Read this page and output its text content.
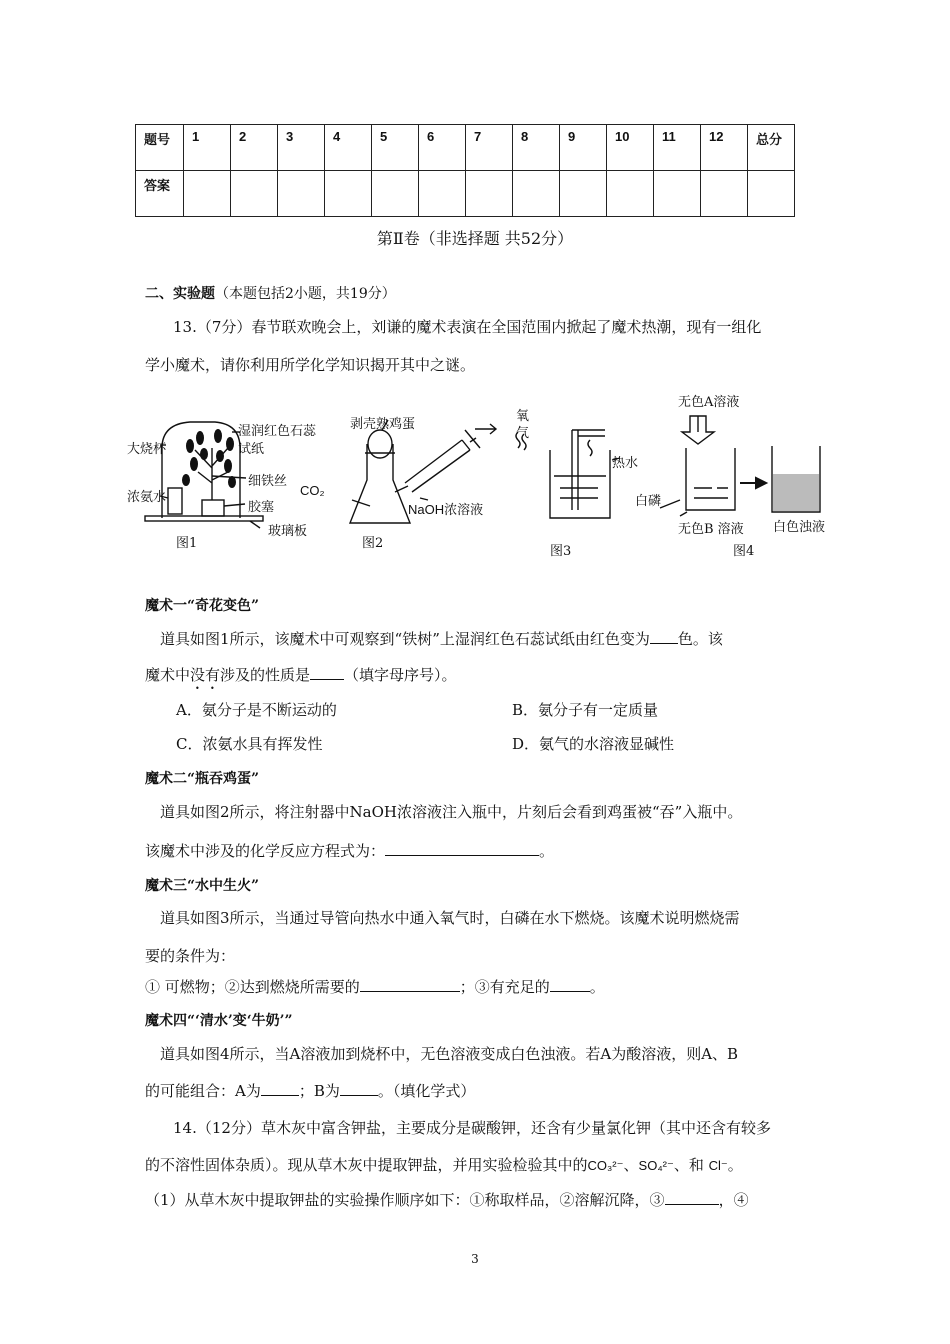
题号	1	2	3	4	5	6	7	8	9	10	11	12	总分
答案													
第Ⅱ卷（非选择题 共52分）
二、实验题（本题包括2小题，共19分）
13.（7分）春节联欢晚会上，刘谦的魔术表演在全国范围内掀起了魔术热潮，现有一组化
学小魔术，请你利用所学化学知识揭开其中之谜。
湿润红色石蕊
试纸
大烧杯
细铁丝
浓氨水
胶塞
玻璃板
图1
剥壳熟鸡蛋
CO₂
NaOH浓溶液
图2
氧
气
热水
白磷
图3
无色A溶液
无色B 溶液 白色浊液
图4
魔术一“奇花变色”
道具如图1所示，该魔术中可观察到“铁树”上湿润红色石蕊试纸由红色变为 色。该
魔术中没有涉及的性质是 （填字母序号）。
A．氨分子是不断运动的	B．氨分子有一定质量
C．浓氨水具有挥发性	D．氨气的水溶液显碱性
魔术二“瓶吞鸡蛋”
道具如图2所示，将注射器中NaOH浓溶液注入瓶中，片刻后会看到鸡蛋被“吞”入瓶中。
该魔术中涉及的化学反应方程式为：	。
魔术三“水中生火”
道具如图3所示，当通过导管向热水中通入氧气时，白磷在水下燃烧。该魔术说明燃烧需
要的条件为：
① 可燃物；②达到燃烧所需要的	；③有充足的	。
魔术四“‘清水’变‘牛奶’”
道具如图4所示，当A溶液加到烧杯中，无色溶液变成白色浊液。若A为酸溶液，则A、B
的可能组合：A为	；B为	。（填化学式）
14.（12分）草木灰中富含钾盐，主要成分是碳酸钾，还含有少量氯化钾（其中还含有较多
的不溶性固体杂质）。现从草木灰中提取钾盐，并用实验检验其中的CO₃²⁻、SO₄²⁻、和 Cl⁻。
（1）从草木灰中提取钾盐的实验操作顺序如下：①称取样品，②溶解沉降，③	，④
3
